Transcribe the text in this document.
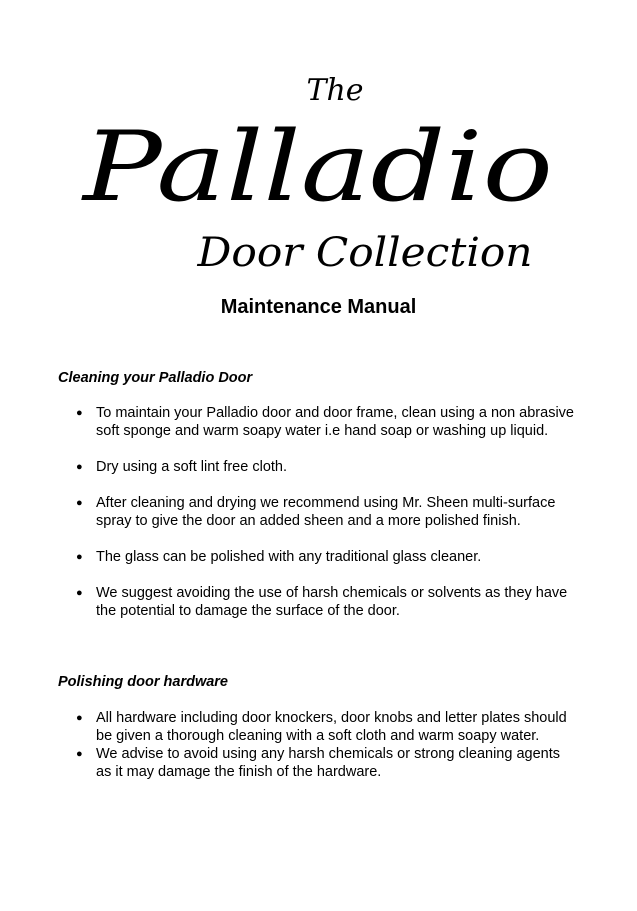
The
Palladio
Door Collection
Maintenance Manual
Cleaning your Palladio Door
● To maintain your Palladio door and door frame, clean using a non abrasive soft sponge and warm soapy water i.e hand soap or washing up liquid.
● Dry using a soft lint free cloth.
● After cleaning and drying we recommend using Mr. Sheen multi-surface spray to give the door an added sheen and a more polished finish.
● The glass can be polished with any traditional glass cleaner.
● We suggest avoiding the use of harsh chemicals or solvents as they have the potential to damage the surface of the door.
Polishing door hardware
● All hardware including door knockers, door knobs and letter plates should be given a thorough cleaning with a soft cloth and warm soapy water.
● We advise to avoid using any harsh chemicals or strong cleaning agents as it may damage the finish of the hardware.
